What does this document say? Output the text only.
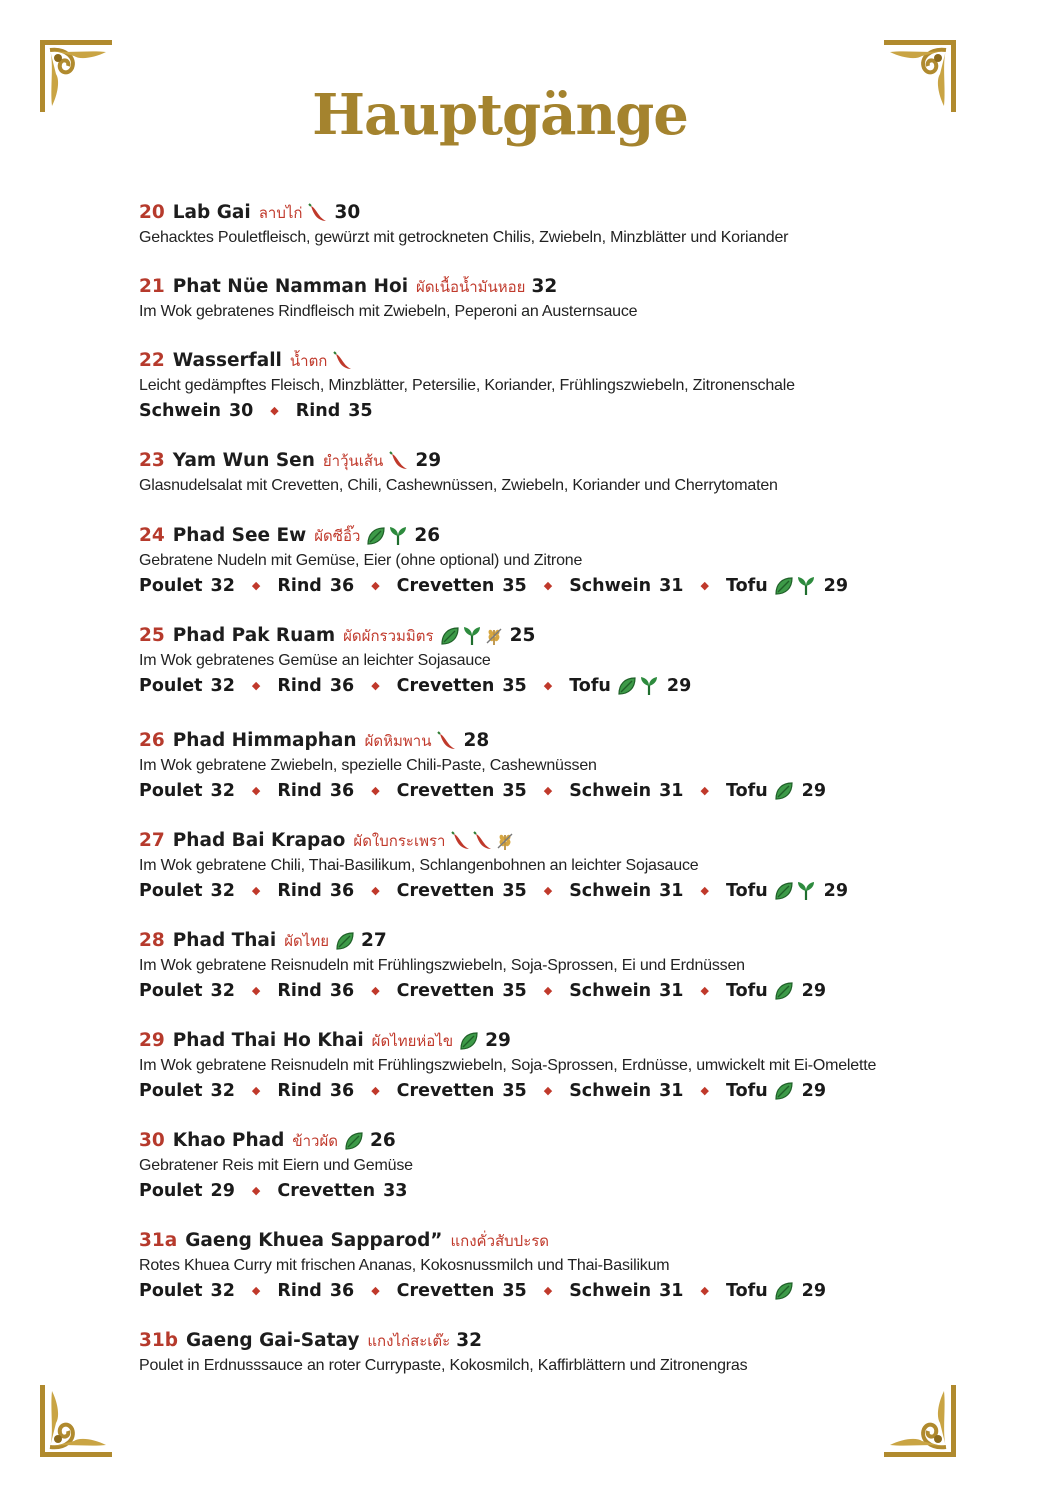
Hauptgänge
20 Lab Gai ลาบไก่ 30
Gehacktes Pouletfleisch, gewürzt mit getrockneten Chilis, Zwiebeln, Minzblätter und Koriander
21 Phat Nüe Namman Hoi ผัดเนื้อน้ำมันหอย 32
Im Wok gebratenes Rindfleisch mit Zwiebeln, Peperoni an Austernsauce
22 Wasserfall น้ำตก
Leicht gedämpftes Fleisch, Minzblätter, Petersilie, Koriander, Frühlingszwiebeln, Zitronenschale
Schwein 30 ◆ Rind 35
23 Yam Wun Sen ยำวุ้นเส้น 29
Glasnudelsalat mit Crevetten, Chili, Cashewnüssen, Zwiebeln, Koriander und Cherrytomaten
24 Phad See Ew ผัดซีอิ๊ว	26
Gebratene Nudeln mit Gemüse, Eier (ohne optional) und Zitrone
Poulet 32 ◆ Rind 36 ◆ Crevetten 35 ◆ Schwein 31 ◆ Tofu	29
25 Phad Pak Ruam ผัดผักรวมมิตร	25
Im Wok gebratenes Gemüse an leichter Sojasauce
Poulet 32 ◆ Rind 36 ◆ Crevetten 35 ◆ Tofu	29
26 Phad Himmaphan ผัดหิมพาน 28
Im Wok gebratene Zwiebeln, spezielle Chili-Paste, Cashewnüssen
Poulet 32 ◆ Rind 36 ◆ Crevetten 35 ◆ Schwein 31 ◆ Tofu 29
27 Phad Bai Krapao ผัดใบกระเพรา
Im Wok gebratene Chili, Thai-Basilikum, Schlangenbohnen an leichter Sojasauce
Poulet 32 ◆ Rind 36 ◆ Crevetten 35 ◆ Schwein 31 ◆ Tofu	29
28 Phad Thai ผัดไทย 27
Im Wok gebratene Reisnudeln mit Frühlingszwiebeln, Soja-Sprossen, Ei und Erdnüssen
Poulet 32 ◆ Rind 36 ◆ Crevetten 35 ◆ Schwein 31 ◆ Tofu 29
29 Phad Thai Ho Khai ผัดไทยห่อไข 29
Im Wok gebratene Reisnudeln mit Frühlingszwiebeln, Soja-Sprossen, Erdnüsse, umwickelt mit Ei-Omelette
Poulet 32 ◆ Rind 36 ◆ Crevetten 35 ◆ Schwein 31 ◆ Tofu 29
30 Khao Phad ข้าวผัด 26
Gebratener Reis mit Eiern und Gemüse
Poulet 29 ◆ Crevetten 33
31a Gaeng Khuea Sapparod” แกงคั่วสับปะรด
Rotes Khuea Curry mit frischen Ananas, Kokosnussmilch und Thai-Basilikum
Poulet 32 ◆ Rind 36 ◆ Crevetten 35 ◆ Schwein 31 ◆ Tofu 29
31b Gaeng Gai-Satay แกงไก่สะเต๊ะ 32
Poulet in Erdnusssauce an roter Currypaste, Kokosmilch, Kaffirblättern und Zitronengras
